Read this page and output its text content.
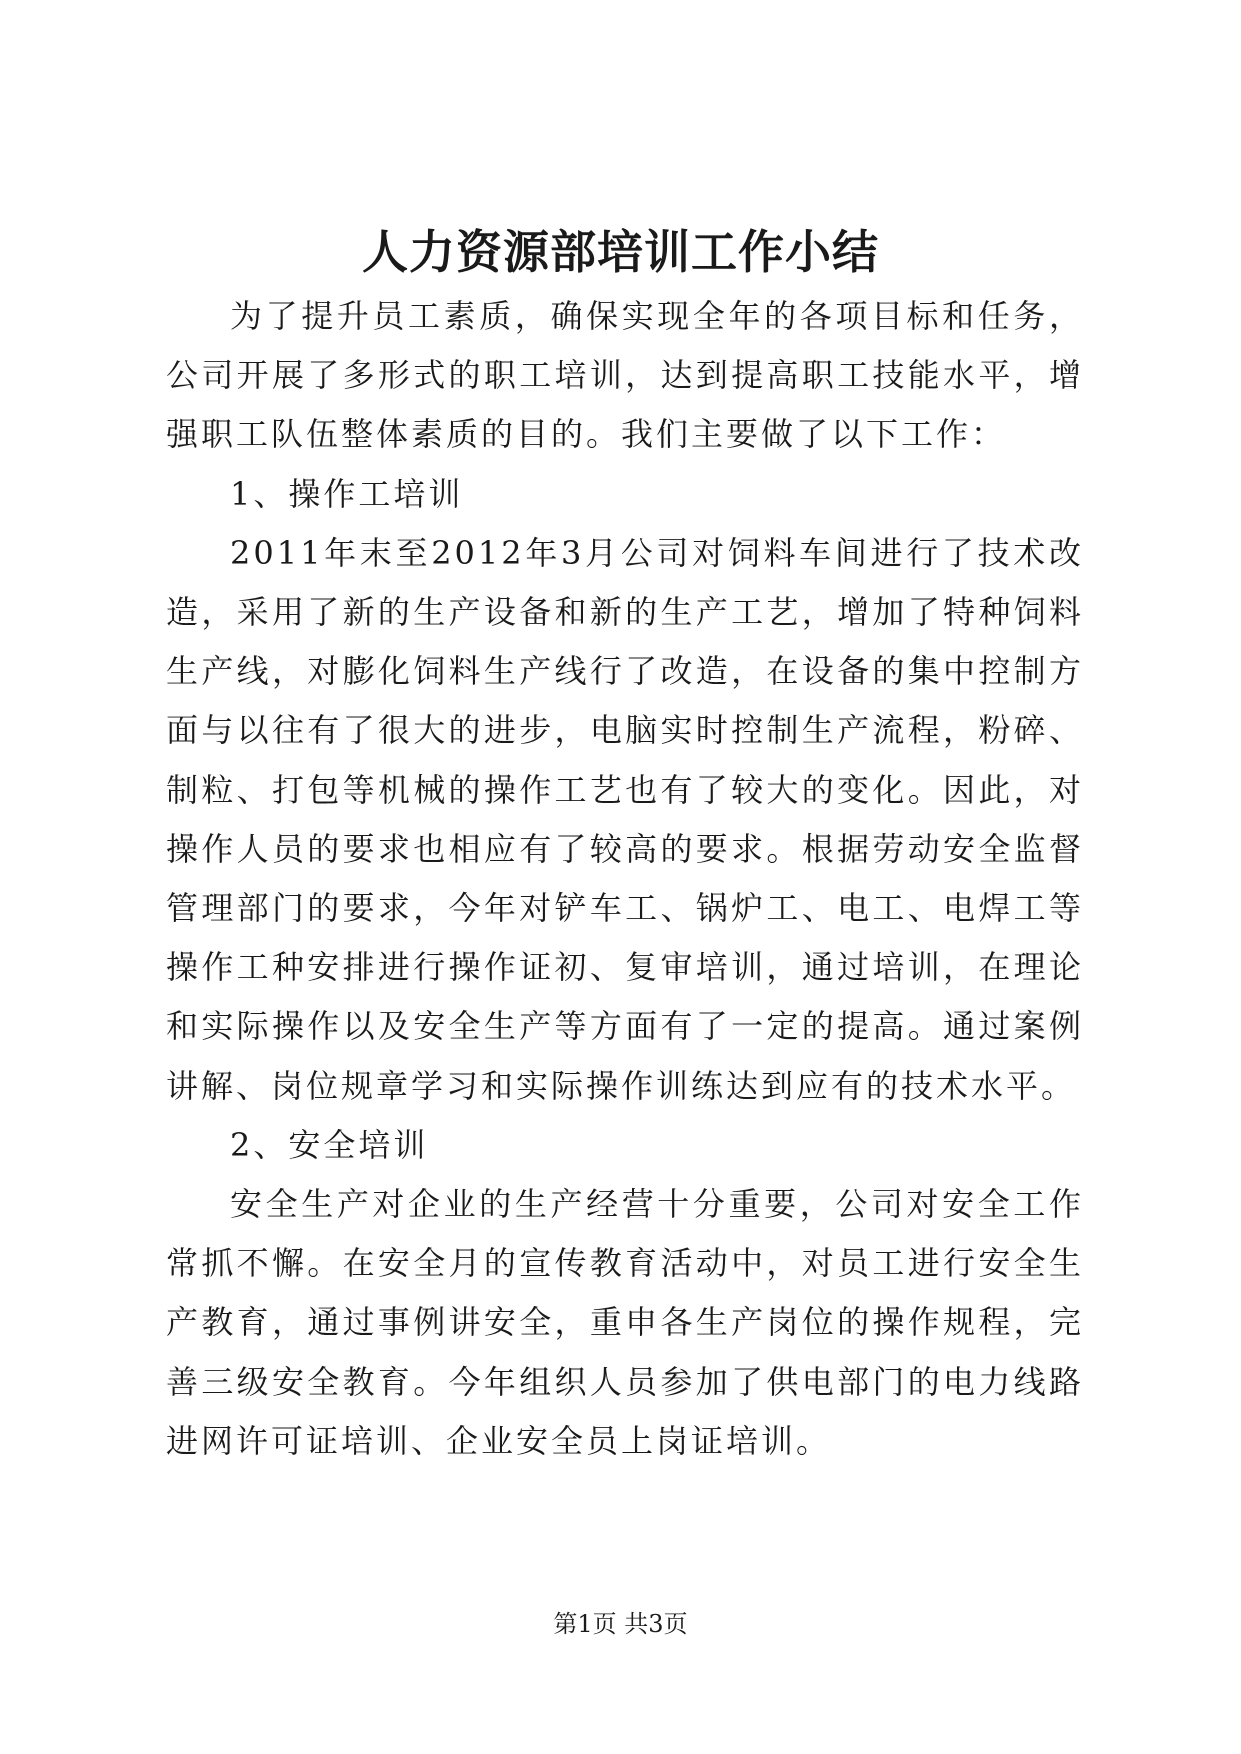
人力资源部培训工作小结

为了提升员工素质，确保实现全年的各项目标和任务，公司开展了多形式的职工培训，达到提高职工技能水平，增强职工队伍整体素质的目的。我们主要做了以下工作：

1、操作工培训

2011年末至2012年3月公司对饲料车间进行了技术改造，采用了新的生产设备和新的生产工艺，增加了特种饲料生产线，对膨化饲料生产线行了改造，在设备的集中控制方面与以往有了很大的进步，电脑实时控制生产流程，粉碎、制粒、打包等机械的操作工艺也有了较大的变化。因此，对操作人员的要求也相应有了较高的要求。根据劳动安全监督管理部门的要求，今年对铲车工、锅炉工、电工、电焊工等操作工种安排进行操作证初、复审培训，通过培训，在理论和实际操作以及安全生产等方面有了一定的提高。通过案例讲解、岗位规章学习和实际操作训练达到应有的技术水平。

2、安全培训

安全生产对企业的生产经营十分重要，公司对安全工作常抓不懈。在安全月的宣传教育活动中，对员工进行安全生产教育，通过事例讲安全，重申各生产岗位的操作规程，完善三级安全教育。今年组织人员参加了供电部门的电力线路进网许可证培训、企业安全员上岗证培训。

第1页 共3页
